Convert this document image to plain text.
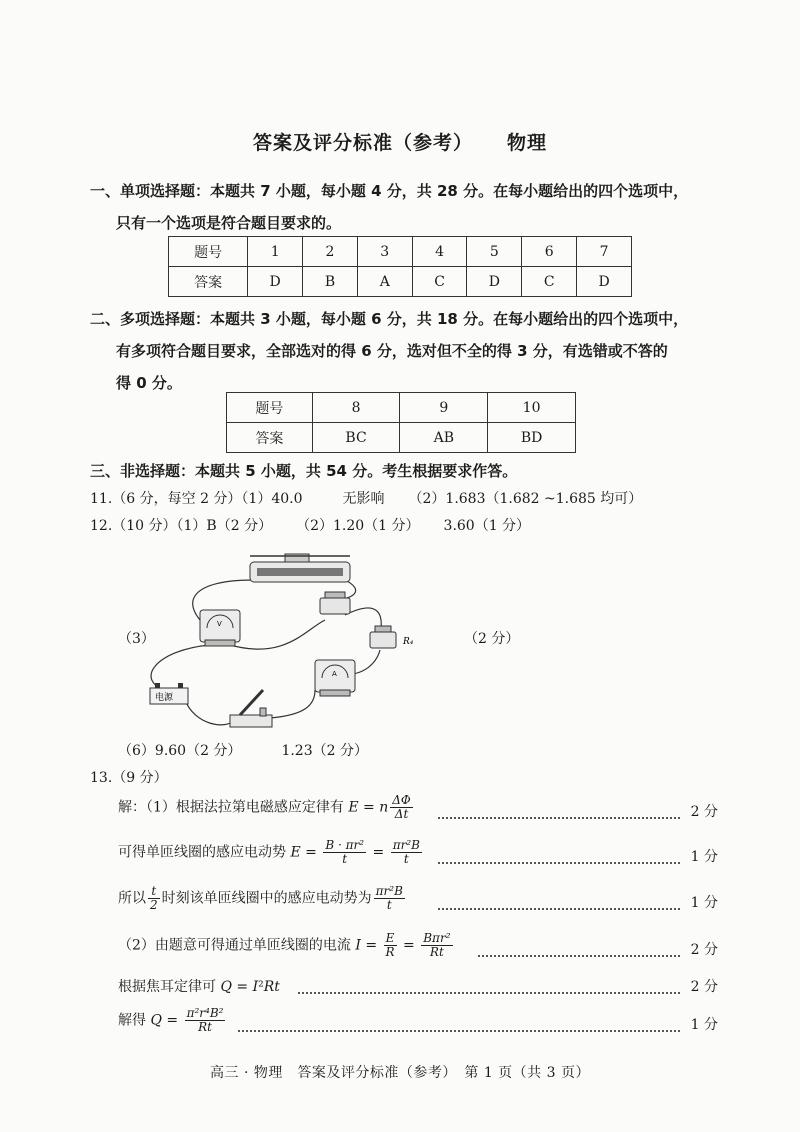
答案及评分标准（参考） 物理
一、单项选择题：本题共 7 小题，每小题 4 分，共 28 分。在每小题给出的四个选项中，
只有一个选项是符合题目要求的。
题号	1	2	3	4	5	6	7
答案	D	B	A	C	D	C	D
二、多项选择题：本题共 3 小题，每小题 6 分，共 18 分。在每小题给出的四个选项中，
有多项符合题目要求，全部选对的得 6 分，选对但不全的得 3 分，有选错或不答的
得 0 分。
题号	8	9	10
答案	BC	AB	BD
三、非选择题：本题共 5 小题，共 54 分。考生根据要求作答。
11.（6 分，每空 2 分）（1）40.0	无影响 （2）1.683（1.682 ~1.685 均可）
12.（10 分）（1）B（2 分） （2）1.20（1 分） 3.60（1 分）
（3）	（2 分）
V
R₄
A
电源
（6）9.60（2 分）	1.23（2 分）
13.（9 分）
解：（1）根据法拉第电磁感应定律有 E = n $\frac{\Delta\Phi}{\Delta t}$	2 分
可得单匝线圈的感应电动势 $E = \frac{\text{B · πr²}}{t} = \frac{\text{πr²B}}{t}$	1 分
所以 $\frac{t}{2}$ 时刻该单匝线圈中的感应电动势为 $\frac{\text{πr²B}}{t}$	1 分
（2）由题意可得通过单匝线圈的电流 $I = \frac{E}{R} = \frac{\text{Bπr²}}{Rt}$	2 分
根据焦耳定律可 Q = I²Rt	2 分
解得 $Q = \frac{\text{π²r⁴B²}}{Rt}$	1 分
高三 · 物理　答案及评分标准（参考）　第 1 页（共 3 页）
